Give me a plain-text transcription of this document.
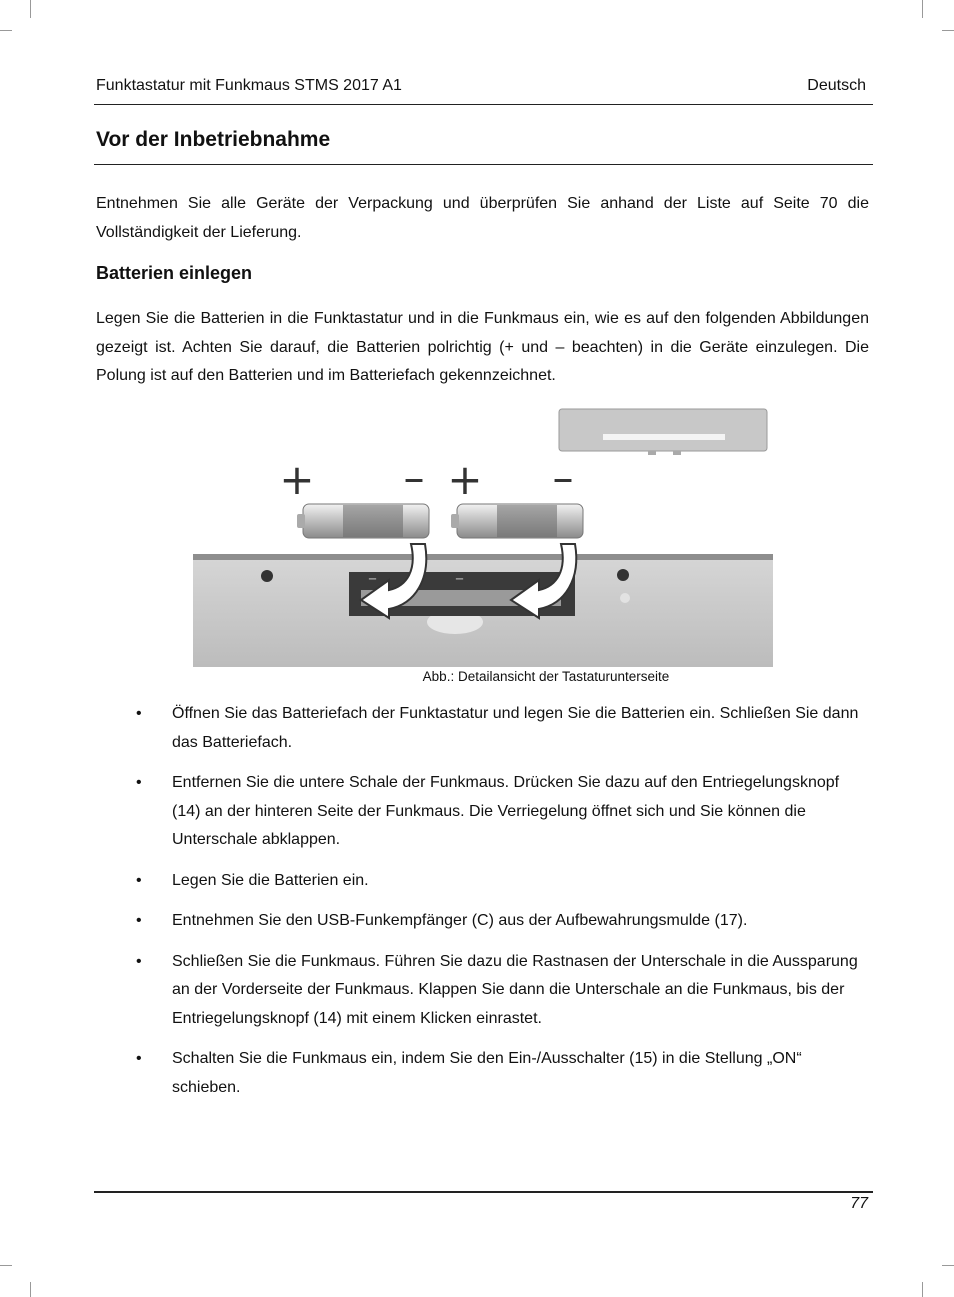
Funktastatur mit Funkmaus STMS 2017 A1	Deutsch
Vor der Inbetriebnahme

Entnehmen Sie alle Geräte der Verpackung und überprüfen Sie anhand der Liste auf Seite 70 die Vollständigkeit der Lieferung.

Batterien einlegen

Legen Sie die Batterien in die Funktastatur und in die Funkmaus ein, wie es auf den folgenden Abbildungen gezeigt ist. Achten Sie darauf, die Batterien polrichtig (+ und – beachten) in die Geräte einzulegen. Die Polung ist auf den Batterien und im Batteriefach gekennzeichnet.

+ – + –
–	–
Abb.: Detailansicht der Tastaturunterseite
• Öffnen Sie das Batteriefach der Funktastatur und legen Sie die Batterien ein. Schließen Sie dann das Batteriefach.
• Entfernen Sie die untere Schale der Funkmaus. Drücken Sie dazu auf den Entriegelungsknopf (14) an der hinteren Seite der Funkmaus. Die Verriegelung öffnet sich und Sie können die Unterschale abklappen.
• Legen Sie die Batterien ein.
• Entnehmen Sie den USB-Funkempfänger (C) aus der Aufbewahrungsmulde (17).
• Schließen Sie die Funkmaus. Führen Sie dazu die Rastnasen der Unterschale in die Aussparung an der Vorderseite der Funkmaus. Klappen Sie dann die Unterschale an die Funkmaus, bis der Entriegelungsknopf (14) mit einem Klicken einrastet.
• Schalten Sie die Funkmaus ein, indem Sie den Ein-/Ausschalter (15) in die Stellung „ON“ schieben.
77
